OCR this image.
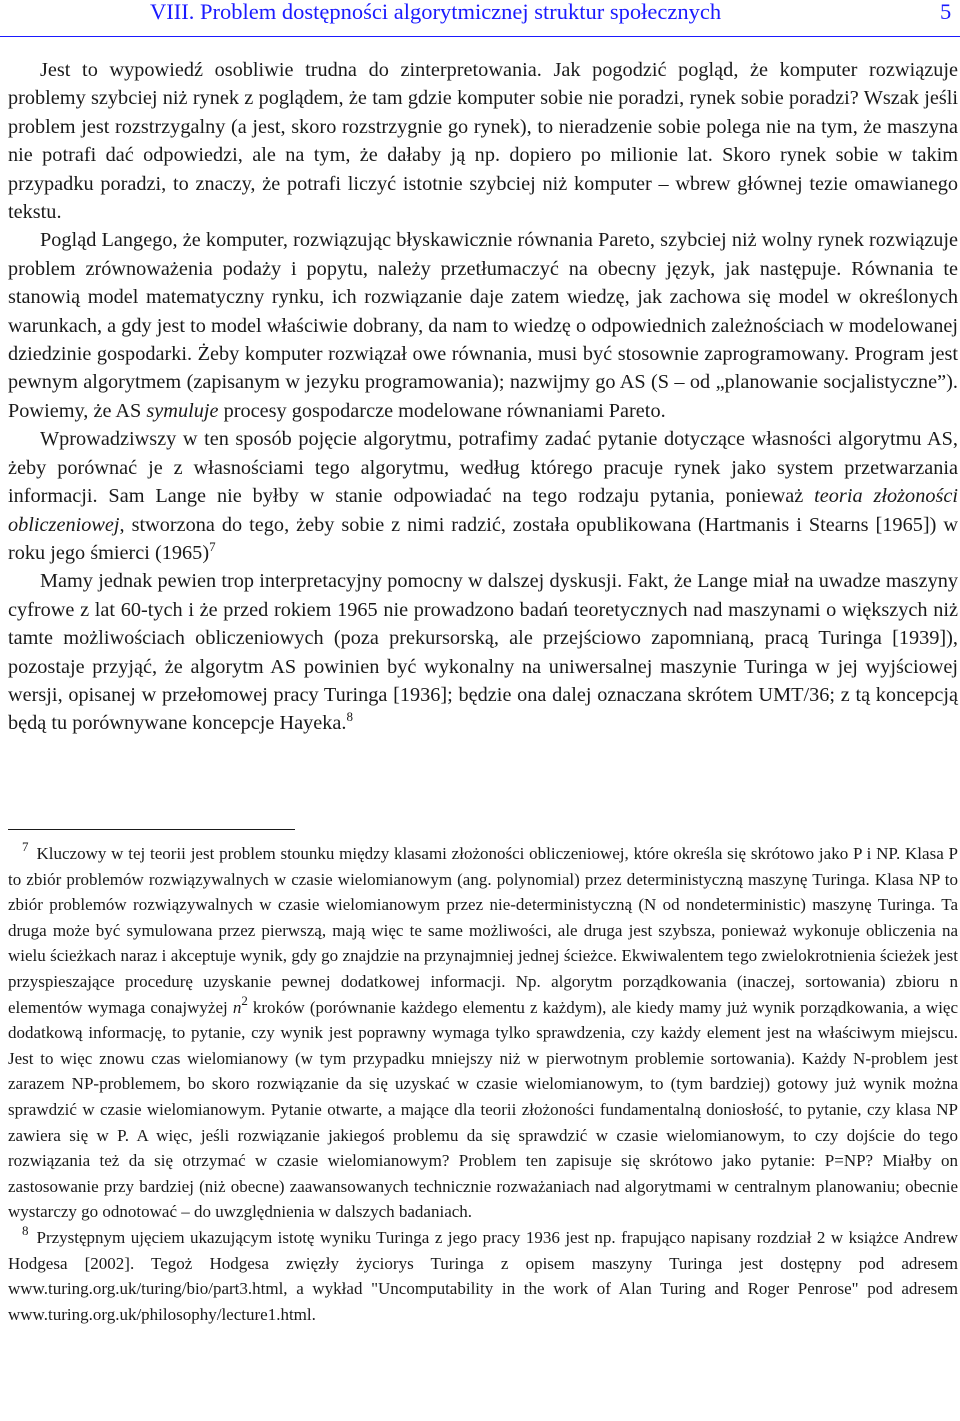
VIII. Problem dostępności algorytmicznej struktur społecznych	5

Jest to wypowiedź osobliwie trudna do zinterpretowania. Jak pogodzić pogląd, że komputer rozwiązuje problemy szybciej niż rynek z poglądem, że tam gdzie komputer sobie nie poradzi, rynek sobie poradzi? Wszak jeśli problem jest rozstrzygalny (a jest, skoro rozstrzygnie go rynek), to nieradzenie sobie polega nie na tym, że maszyna nie potrafi dać odpowiedzi, ale na tym, że dałaby ją np. dopiero po milionie lat. Skoro rynek sobie w takim przypadku poradzi, to znaczy, że potrafi liczyć istotnie szybciej niż komputer – wbrew głównej tezie omawianego tekstu.

Pogląd Langego, że komputer, rozwiązując błyskawicznie równania Pareto, szybciej niż wolny rynek rozwiązuje problem zrównoważenia podaży i popytu, należy przetłumaczyć na obecny język, jak następuje. Równania te stanowią model matematyczny rynku, ich rozwiązanie daje zatem wiedzę, jak zachowa się model w określonych warunkach, a gdy jest to model właściwie dobrany, da nam to wiedzę o odpowiednich zależnościach w modelowanej dziedzinie gospodarki. Żeby komputer rozwiązał owe równania, musi być stosownie zaprogramowany. Program jest pewnym algorytmem (zapisanym w jezyku programowania); nazwijmy go AS (S – od „planowanie socjalistyczne”). Powiemy, że AS symuluje procesy gospodarcze modelowane równaniami Pareto.

Wprowadziwszy w ten sposób pojęcie algorytmu, potrafimy zadać pytanie dotyczące własności algorytmu AS, żeby porównać je z własnościami tego algorytmu, według którego pracuje rynek jako system przetwarzania informacji. Sam Lange nie byłby w stanie odpowiadać na tego rodzaju pytania, ponieważ teoria złożoności obliczeniowej, stworzona do tego, żeby sobie z nimi radzić, została opublikowana (Hartmanis i Stearns [1965]) w roku jego śmierci (1965)$^7$

Mamy jednak pewien trop interpretacyjny pomocny w dalszej dyskusji. Fakt, że Lange miał na uwadze maszyny cyfrowe z lat 60-tych i że przed rokiem 1965 nie prowadzono badań teoretycznych nad maszynami o większych niż tamte możliwościach obliczeniowych (poza prekursorską, ale przejściowo zapomnianą, pracą Turinga [1939]), pozostaje przyjąć, że algorytm AS powinien być wykonalny na uniwersalnej maszynie Turinga w jej wyjściowej wersji, opisanej w przełomowej pracy Turinga [1936]; będzie ona dalej oznaczana skrótem UMT/36; z tą koncepcją będą tu porównywane koncepcje Hayeka.$^8$

$^7$ Kluczowy w tej teorii jest problem stounku między klasami złożoności obliczeniowej, które określa się skrótowo jako P i NP. Klasa P to zbiór problemów rozwiązywalnych w czasie wielomianowym (ang. polynomial) przez deterministyczną maszynę Turinga. Klasa NP to zbiór problemów rozwiązywalnych w czasie wielomianowym przez nie-deterministyczną (N od nondeterministic) maszynę Turinga. Ta druga może być symulowana przez pierwszą, mają więc te same możliwości, ale druga jest szybsza, ponieważ wykonuje obliczenia na wielu ścieżkach naraz i akceptuje wynik, gdy go znajdzie na przynajmniej jednej ścieżce. Ekwiwalentem tego zwielokrotnienia ścieżek jest przyspieszające procedurę uzyskanie pewnej dodatkowej informacji. Np. algorytm porządkowania (inaczej, sortowania) zbioru n elementów wymaga conajwyżej n$^2$ kroków (porównanie każdego elementu z każdym), ale kiedy mamy już wynik porządkowania, a więc dodatkową informację, to pytanie, czy wynik jest poprawny wymaga tylko sprawdzenia, czy każdy element jest na właściwym miejscu. Jest to więc znowu czas wielomianowy (w tym przypadku mniejszy niż w pierwotnym problemie sortowania). Każdy N-problem jest zarazem NP-problemem, bo skoro rozwiązanie da się uzyskać w czasie wielomianowym, to (tym bardziej) gotowy już wynik można sprawdzić w czasie wielomianowym. Pytanie otwarte, a mające dla teorii złożoności fundamentalną doniosłość, to pytanie, czy klasa NP zawiera się w P. A więc, jeśli rozwiązanie jakiegoś problemu da się sprawdzić w czasie wielomianowym, to czy dojście do tego rozwiązania też da się otrzymać w czasie wielomianowym? Problem ten zapisuje się skrótowo jako pytanie: P=NP? Miałby on zastosowanie przy bardziej (niż obecne) zaawansowanych technicznie rozważaniach nad algorytmami w centralnym planowaniu; obecnie wystarczy go odnotować – do uwzględnienia w dalszych badaniach.

$^8$ Przystępnym ujęciem ukazującym istotę wyniku Turinga z jego pracy 1936 jest np. frapująco napisany rozdział 2 w książce Andrew Hodgesa [2002]. Tegoż Hodgesa zwięzły życiorys Turinga z opisem maszyny Turinga jest dostępny pod adresem www.turing.org.uk/turing/bio/part3.html, a wykład "Uncomputability in the work of Alan Turing and Roger Penrose" pod adresem www.turing.org.uk/philosophy/lecture1.html.
